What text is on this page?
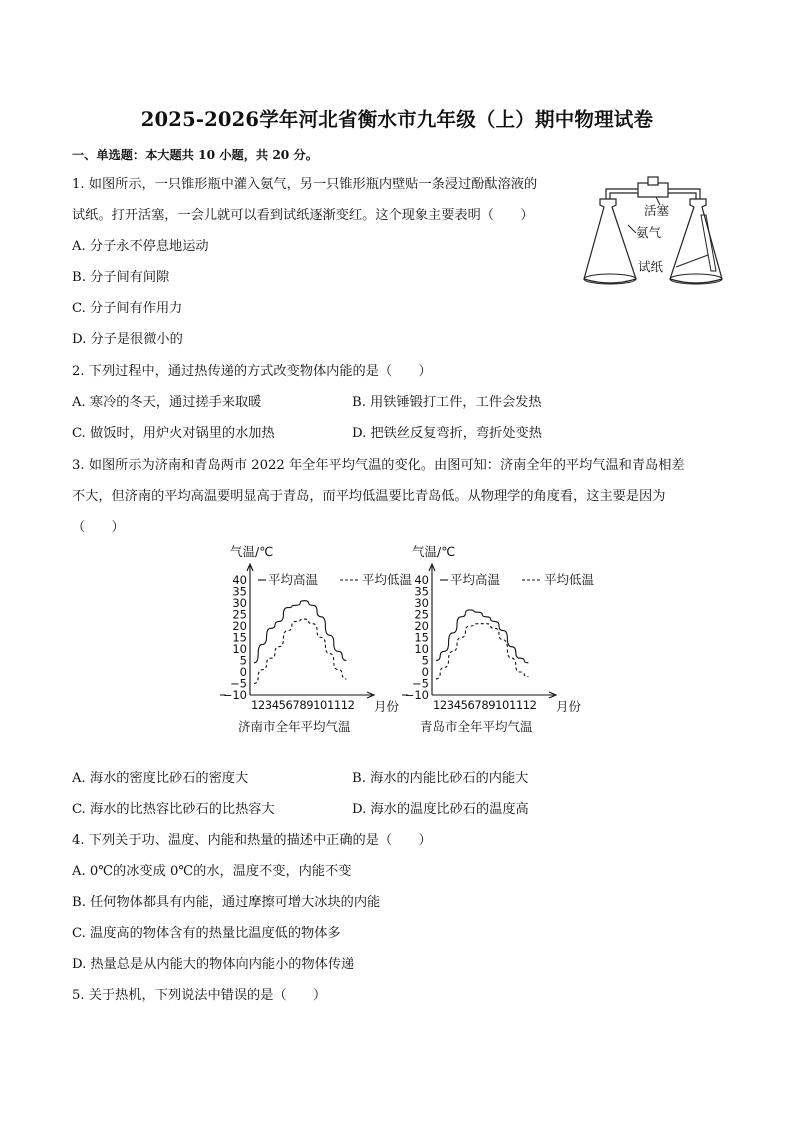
2025-2026学年河北省衡水市九年级（上）期中物理试卷
一、单选题：本大题共 10 小题，共 20 分。
1. 如图所示，一只锥形瓶中灌入氨气，另一只锥形瓶内壁贴一条浸过酚酞溶液的
试纸。打开活塞，一会儿就可以看到试纸逐渐变红。这个现象主要表明（　　）
A. 分子永不停息地运动
B. 分子间有间隙
C. 分子间有作用力
D. 分子是很微小的
活塞
氨气
试纸
2. 下列过程中，通过热传递的方式改变物体内能的是（　　）
A. 寒冷的冬天，通过搓手来取暖	B. 用铁锤锻打工件，工件会发热
C. 做饭时，用炉火对锅里的水加热	D. 把铁丝反复弯折，弯折处变热
3. 如图所示为济南和青岛两市 2022 年全年平均气温的变化。由图可知：济南全年的平均气温和青岛相差
不大，但济南的平均高温要明显高于青岛，而平均低温要比青岛低。从物理学的角度看，这主要是因为
（　　）
气温/℃
−10
−5
0
5
10
15
20
25
30
35
40
123456789101112 月份
平均高温	平均低温
济南市全年平均气温
气温/℃
−10
−5
0
5
10
15
20
25
30
35
40
123456789101112 月份
平均高温	平均低温
青岛市全年平均气温
A. 海水的密度比砂石的密度大	B. 海水的内能比砂石的内能大
C. 海水的比热容比砂石的比热容大	D. 海水的温度比砂石的温度高
4. 下列关于功、温度、内能和热量的描述中正确的是（　　）
A. 0℃的冰变成 0℃的水，温度不变，内能不变
B. 任何物体都具有内能，通过摩擦可增大冰块的内能
C. 温度高的物体含有的热量比温度低的物体多
D. 热量总是从内能大的物体向内能小的物体传递
5. 关于热机，下列说法中错误的是（　　）
